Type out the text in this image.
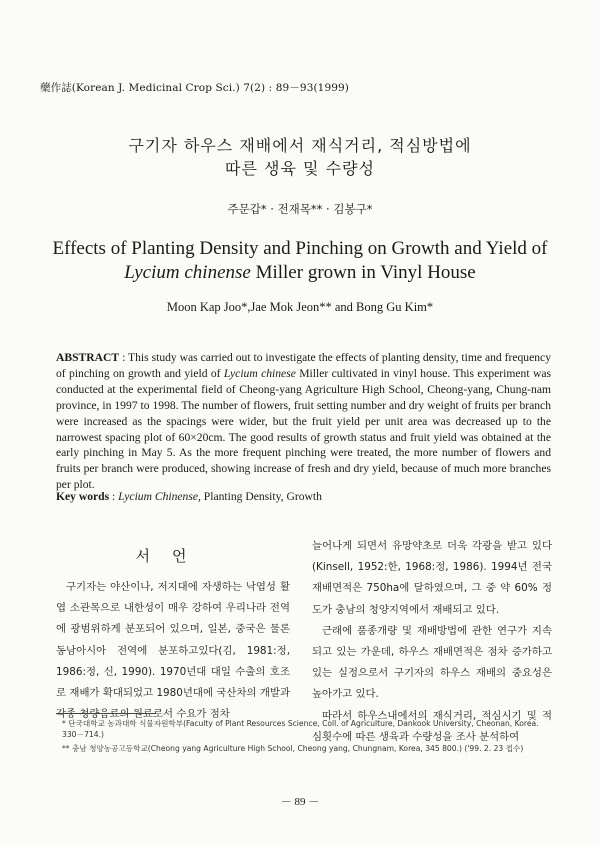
藥作誌(Korean J. Medicinal Crop Sci.) 7(2) : 89－93(1999)
구기자 하우스 재배에서 재식거리, 적심방법에
따른 생육 및 수량성
주문갑* · 전재목** · 김봉구*
Effects of Planting Density and Pinching on Growth and Yield of
Lycium chinense Miller grown in Vinyl House
Moon Kap Joo*,Jae Mok Jeon** and Bong Gu Kim*
ABSTRACT : This study was carried out to investigate the effects of planting density, time and frequency of pinching on growth and yield of Lycium chinese Miller cultivated in vinyl house. This experiment was conducted at the experimental field of Cheong-yang Agriculture High School, Cheong-yang, Chung-nam province, in 1997 to 1998. The number of flowers, fruit setting number and dry weight of fruits per branch were increased as the spacings were wider, but the fruit yield per unit area was decreased up to the narrowest spacing plot of 60×20cm. The good results of growth status and fruit yield was obtained at the early pinching in May 5. As the more frequent pinching were treated, the more number of flowers and fruits per branch were produced, showing increase of fresh and dry yield, because of much more branches per plot.
Key words : Lycium Chinense, Planting Density, Growth
서언

구기자는 야산이나, 저지대에 자생하는 낙엽성 활엽 소관목으로 내한성이 매우 강하여 우리나라 전역에 광범위하게 분포되어 있으며, 일본, 중국은 물론 동남아시아 전역에 분포하고있다(김, 1981:정, 1986:정, 신, 1990). 1970년대 대일 수출의 호조로 재배가 확대되었고 1980년대에 국산차의 개발과 각종 청량음료의 원료로서 수요가 점차

늘어나게 되면서 유망약초로 더욱 각광을 받고 있다(Kinsell, 1952:한, 1968:정, 1986). 1994년 전국 재배면적은 750ha에 달하였으며, 그 중 약 60% 정도가 충남의 청양지역에서 재배되고 있다.

근래에 품종개량 및 재배방법에 관한 연구가 지속되고 있는 가운데, 하우스 재배면적은 점차 증가하고 있는 실정으로서 구기자의 하우스 재배의 중요성은 높아가고 있다.

따라서 하우스내에서의 재식거리, 적심시기 및 적심횟수에 따른 생육과 수량성을 조사 분석하여

* 단국대학교 농과대학 식물자원학부(Faculty of Plant Resources Science, Coll. of Agriculture, Dankook University, Cheonan, Korea. 330－714.)
** 충남 청양농공고등학교(Cheong yang Agriculture High School, Cheong yang, Chungnam, Korea, 345 800.) ('99. 2. 23 접수)
－ 89 －
